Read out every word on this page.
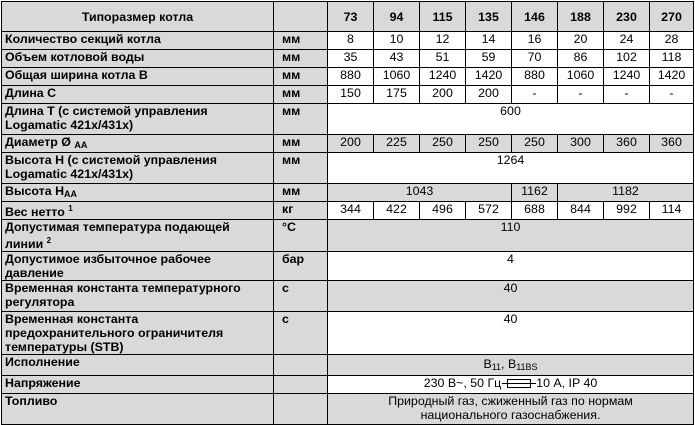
Типоразмер котла		73	94	115	135	146	188	230	270
Количество секций котла	мм	8	10	12	14	16	20	24	28
Объем котловой воды	мм	35	43	51	59	70	86	102	118
Общая ширина котла B	мм	880	1060	1240	1420	880	1060	1240	1420
Длина С	мм	150	175	200	200	-	-	-	-
Длина Т (с системой управления Logamatic 421x/431x)	мм	600							
Диаметр Ø $_{AA}$	мм	200	225	250	250	250	300	360	360
Высота Н (с системой управления Logamatic 421x/431x)	мм	1264							
Высота $Н_{AA}$	мм	1043				1162	1182		
Вес нетто $^1$	кг	344	422	496	572	688	844	992	114
Допустимая температура подающей линии $^2$	°C	110							
Допустимое избыточное рабочее давление	бар	4							
Временная константа температурного регулятора	с	40							
Временная константа предохранительного ограничителя температуры (STB)	с	40							
Исполнение		$B_{11}$, $B_{11BS}$
Напряжение		230 В~, 50 Гц 10 A, IP 40							
Топливо		Природный газ, сжиженный газ по нормам национального газоснабжения.							
